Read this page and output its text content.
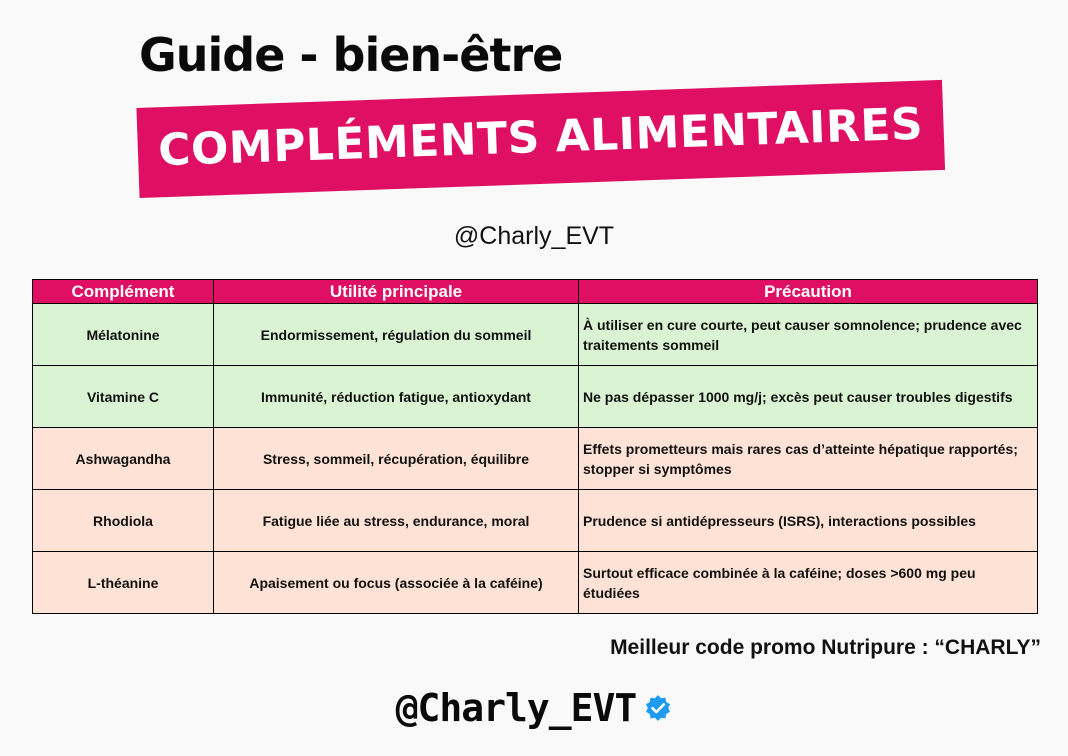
Guide - bien-être
COMPLÉMENTS ALIMENTAIRES
@Charly_EVT
Complément	Utilité principale	Précaution
Mélatonine	Endormissement, régulation du sommeil	À utiliser en cure courte, peut causer somnolence; prudence avec traitements sommeil
Vitamine C	Immunité, réduction fatigue, antioxydant	Ne pas dépasser 1000 mg/j; excès peut causer troubles digestifs
Ashwagandha	Stress, sommeil, récupération, équilibre	Effets prometteurs mais rares cas d’atteinte hépatique rapportés; stopper si symptômes
Rhodiola	Fatigue liée au stress, endurance, moral	Prudence si antidépresseurs (ISRS), interactions possibles
L-théanine	Apaisement ou focus (associée à la caféine)	Surtout efficace combinée à la caféine; doses >600 mg peu étudiées
Meilleur code promo Nutripure : “CHARLY”
@Charly_EVT
